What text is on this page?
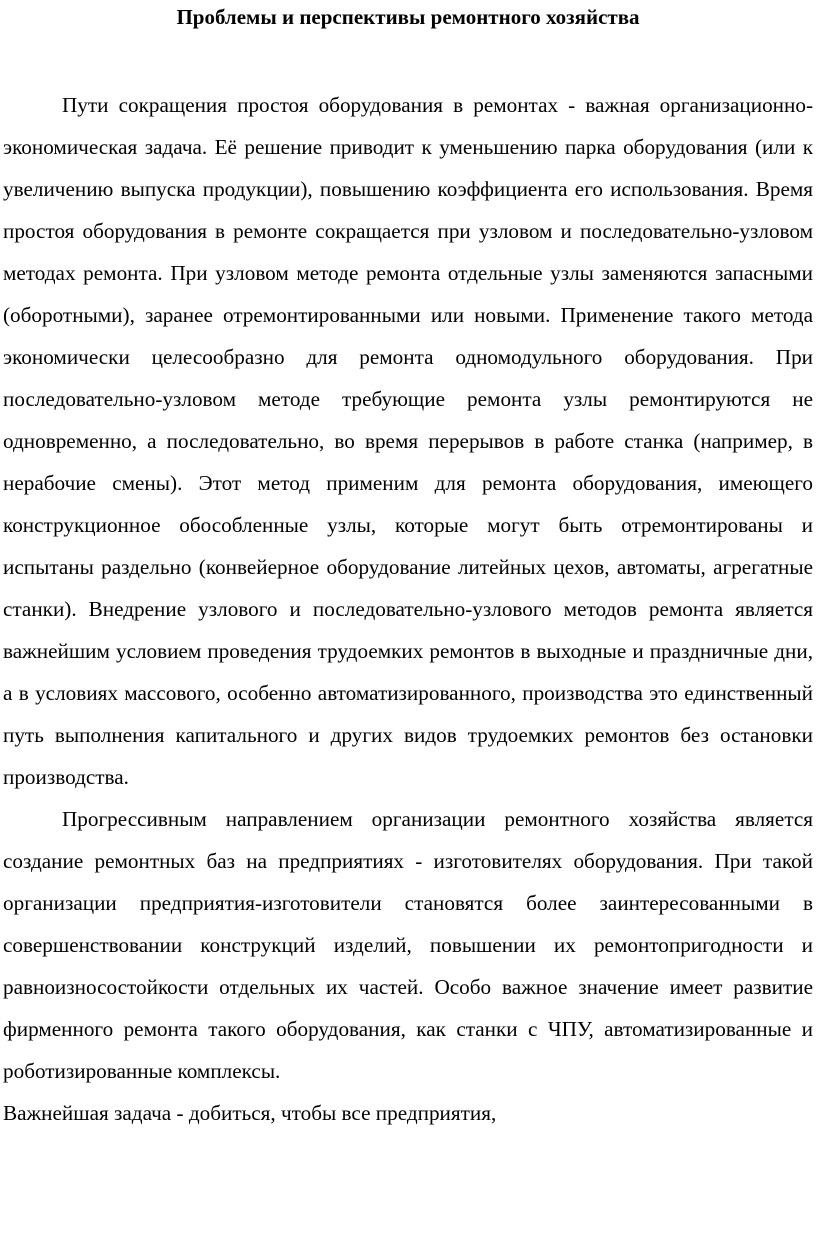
Проблемы и перспективы ремонтного хозяйства

Пути сокращения простоя оборудования в ремонтах - важная организационно-экономическая задача. Её решение приводит к уменьшению парка оборудования (или к увеличению выпуска продукции), повышению коэффициента его использования. Время простоя оборудования в ремонте сокращается при узловом и последовательно-узловом методах ремонта. При узловом методе ремонта отдельные узлы заменяются запасными (оборотными), заранее отремонтированными или новыми. Применение такого метода экономически целесообразно для ремонта одномодульного оборудования. При последовательно-узловом методе требующие ремонта узлы ремонтируются не одновременно, а последовательно, во время перерывов в работе станка (например, в нерабочие смены). Этот метод применим для ремонта оборудования, имеющего конструкционное обособленные узлы, которые могут быть отремонтированы и испытаны раздельно (конвейерное оборудование литейных цехов, автоматы, агрегатные станки). Внедрение узлового и последовательно-узлового методов ремонта является важнейшим условием проведения трудоемких ремонтов в выходные и праздничные дни, а в условиях массового, особенно автоматизированного, производства это единственный путь выполнения капитального и других видов трудоемких ремонтов без остановки производства.

Прогрессивным направлением организации ремонтного хозяйства является создание ремонтных баз на предприятиях - изготовителях оборудования. При такой организации предприятия-изготовители становятся более заинтересованными в совершенствовании конструкций изделий, повышении их ремонтопригодности и равноизносостойкости отдельных их частей. Особо важное значение имеет развитие фирменного ремонта такого оборудования, как станки с ЧПУ, автоматизированные и роботизированные комплексы.

Важнейшая задача - добиться, чтобы все предприятия,
